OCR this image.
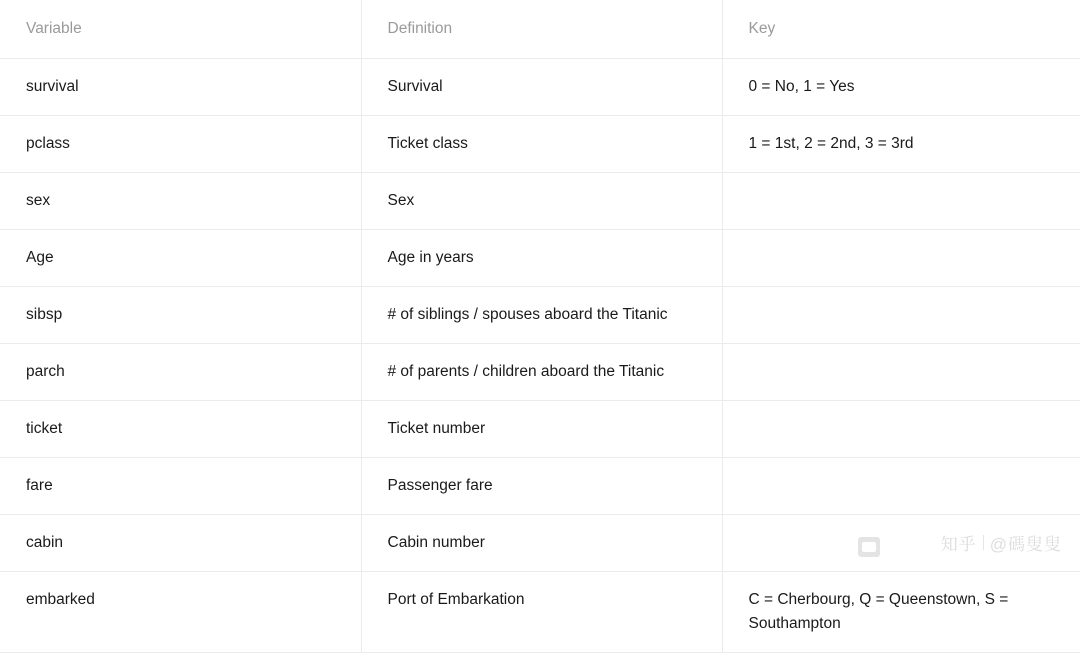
Variable	Definition	Key

survival	Survival	0 = No, 1 = Yes

pclass	Ticket class	1 = 1st, 2 = 2nd, 3 = 3rd

sex	Sex	

Age	Age in years	

sibsp	# of siblings / spouses aboard the Titanic	

parch	# of parents / children aboard the Titanic	

ticket	Ticket number	

fare	Passenger fare	

cabin	Cabin number	

embarked	Port of Embarkation	C = Cherbourg, Q = Queenstown, S = Southampton
知乎 @碼叟叟
